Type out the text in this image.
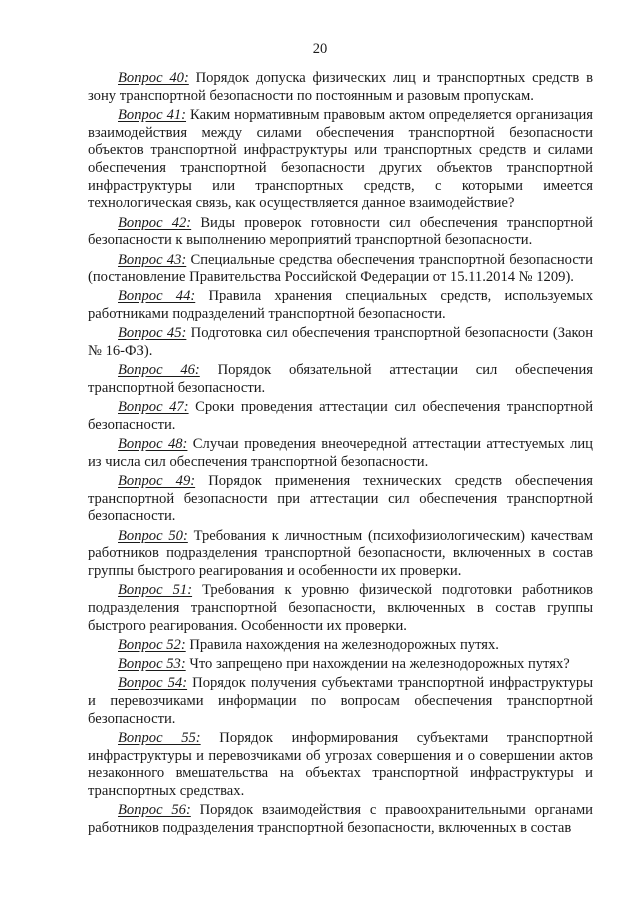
20

Вопрос 40: Порядок допуска физических лиц и транспортных средств в зону транспортной безопасности по постоянным и разовым пропускам.

Вопрос 41: Каким нормативным правовым актом определяется организация взаимодействия между силами обеспечения транспортной безопасности объектов транспортной инфраструктуры или транспортных средств и силами обеспечения транспортной безопасности других объектов транспортной инфраструктуры или транспортных средств, с которыми имеется технологическая связь, как осуществляется данное взаимодействие?

Вопрос 42: Виды проверок готовности сил обеспечения транспортной безопасности к выполнению мероприятий транспортной безопасности.

Вопрос 43: Специальные средства обеспечения транспортной безопасности (постановление Правительства Российской Федерации от 15.11.2014 № 1209).

Вопрос 44: Правила хранения специальных средств, используемых работниками подразделений транспортной безопасности.

Вопрос 45: Подготовка сил обеспечения транспортной безопасности (Закон № 16-ФЗ).

Вопрос 46: Порядок обязательной аттестации сил обеспечения транспортной безопасности.

Вопрос 47: Сроки проведения аттестации сил обеспечения транспортной безопасности.

Вопрос 48: Случаи проведения внеочередной аттестации аттестуемых лиц из числа сил обеспечения транспортной безопасности.

Вопрос 49: Порядок применения технических средств обеспечения транспортной безопасности при аттестации сил обеспечения транспортной безопасности.

Вопрос 50: Требования к личностным (психофизиологическим) качествам работников подразделения транспортной безопасности, включенных в состав группы быстрого реагирования и особенности их проверки.

Вопрос 51: Требования к уровню физической подготовки работников подразделения транспортной безопасности, включенных в состав группы быстрого реагирования. Особенности их проверки.

Вопрос 52: Правила нахождения на железнодорожных путях.

Вопрос 53: Что запрещено при нахождении на железнодорожных путях?

Вопрос 54: Порядок получения субъектами транспортной инфраструктуры и перевозчиками информации по вопросам обеспечения транспортной безопасности.

Вопрос 55: Порядок информирования субъектами транспортной инфраструктуры и перевозчиками об угрозах совершения и о совершении актов незаконного вмешательства на объектах транспортной инфраструктуры и транспортных средствах.

Вопрос 56: Порядок взаимодействия с правоохранительными органами работников подразделения транспортной безопасности, включенных в состав
